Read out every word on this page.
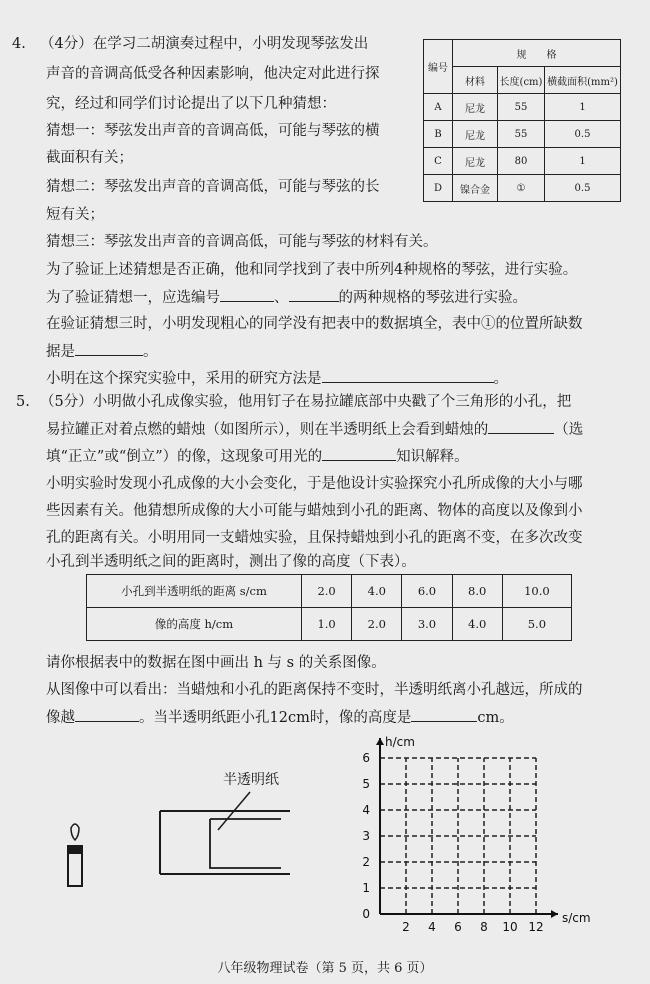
4. （4分）在学习二胡演奏过程中，小明发现琴弦发出
声音的音调高低受各种因素影响，他决定对此进行探
究，经过和同学们讨论提出了以下几种猜想：
猜想一：琴弦发出声音的音调高低，可能与琴弦的横
截面积有关；
猜想二：琴弦发出声音的音调高低，可能与琴弦的长
短有关；
猜想三：琴弦发出声音的音调高低，可能与琴弦的材料有关。
为了验证上述猜想是否正确，他和同学找到了表中所列4种规格的琴弦，进行实验。
为了验证猜想一，应选编号	、	的两种规格的琴弦进行实验。
在验证猜想三时，小明发现粗心的同学没有把表中的数据填全，表中①的位置所缺数
据是	。
小明在这个探究实验中，采用的研究方法是	。
编号	规　　格		
	材料	长度(cm)	横截面积(mm²)
A	尼龙	55	1
B	尼龙	55	0.5
C	尼龙	80	1
D	镍合金	①	0.5
5. （5分）小明做小孔成像实验，他用钉子在易拉罐底部中央戳了个三角形的小孔，把
易拉罐正对着点燃的蜡烛（如图所示），则在半透明纸上会看到蜡烛的	（选
填“正立”或“倒立”）的像，这现象可用光的	知识解释。
小明实验时发现小孔成像的大小会变化，于是他设计实验探究小孔所成像的大小与哪
些因素有关。他猜想所成像的大小可能与蜡烛到小孔的距离、物体的高度以及像到小
孔的距离有关。小明用同一支蜡烛实验，且保持蜡烛到小孔的距离不变，在多次改变
小孔到半透明纸之间的距离时，测出了像的高度（下表）。
小孔到半透明纸的距离 s/cm	2.0	4.0	6.0	8.0	10.0
像的高度 h/cm	1.0	2.0	3.0	4.0	5.0
请你根据表中的数据在图中画出 h 与 s 的关系图像。
从图像中可以看出：当蜡烛和小孔的距离保持不变时，半透明纸离小孔越远，所成的
像越	。当半透明纸距小孔12cm时，像的高度是	cm。
半透明纸
2 4 6 8 10 12
1
2
3
4
5
6
0
h/cm
s/cm
八年级物理试卷（第 5 页，共 6 页）
